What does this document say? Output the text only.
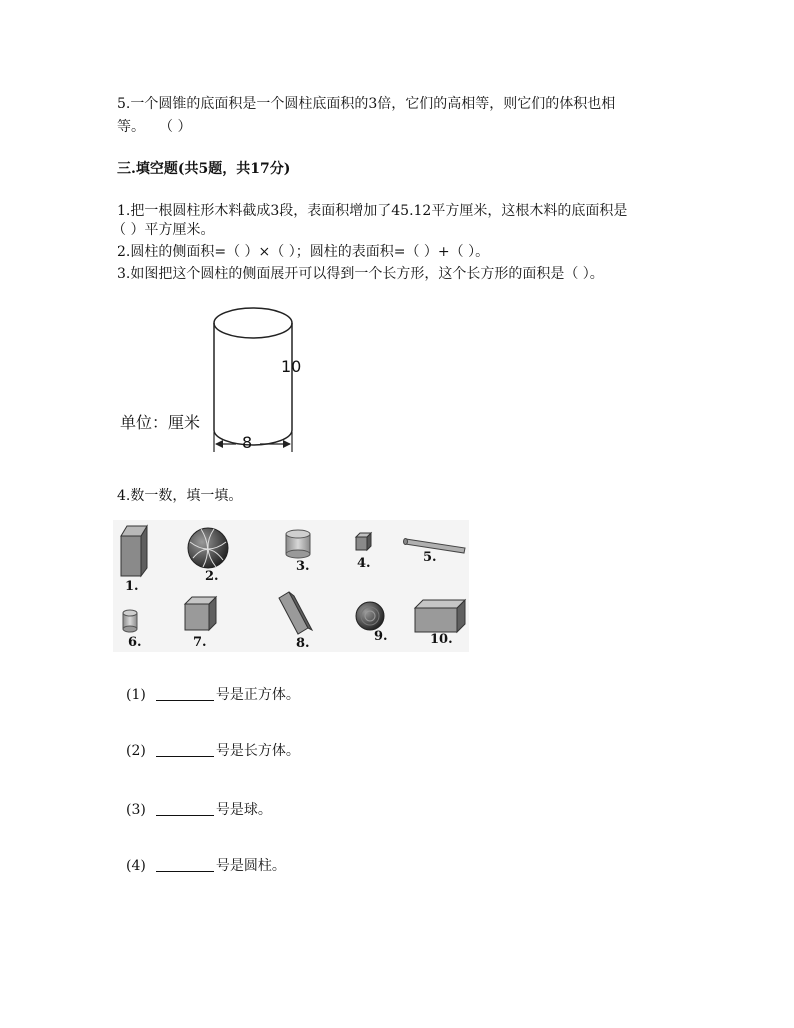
5.一个圆锥的底面积是一个圆柱底面积的3倍，它们的高相等，则它们的体积也相
等。　　（ ）
三.填空题(共5题，共17分)
1.把一根圆柱形木料截成3段，表面积增加了45.12平方厘米，这根木料的底面积是
（ ）平方厘米。
2.圆柱的侧面积=（ ）×（ ）；圆柱的表面积=（ ）+（ ）。
3.如图把这个圆柱的侧面展开可以得到一个长方形，这个长方形的面积是（ ）。
10
8
单位：厘米
4.数一数，填一填。
1.
2.
3.	4.	5.
6.	7.	8.	9.	10.
(1)	号是正方体。
(2)	号是长方体。
(3)	号是球。
(4)	号是圆柱。
